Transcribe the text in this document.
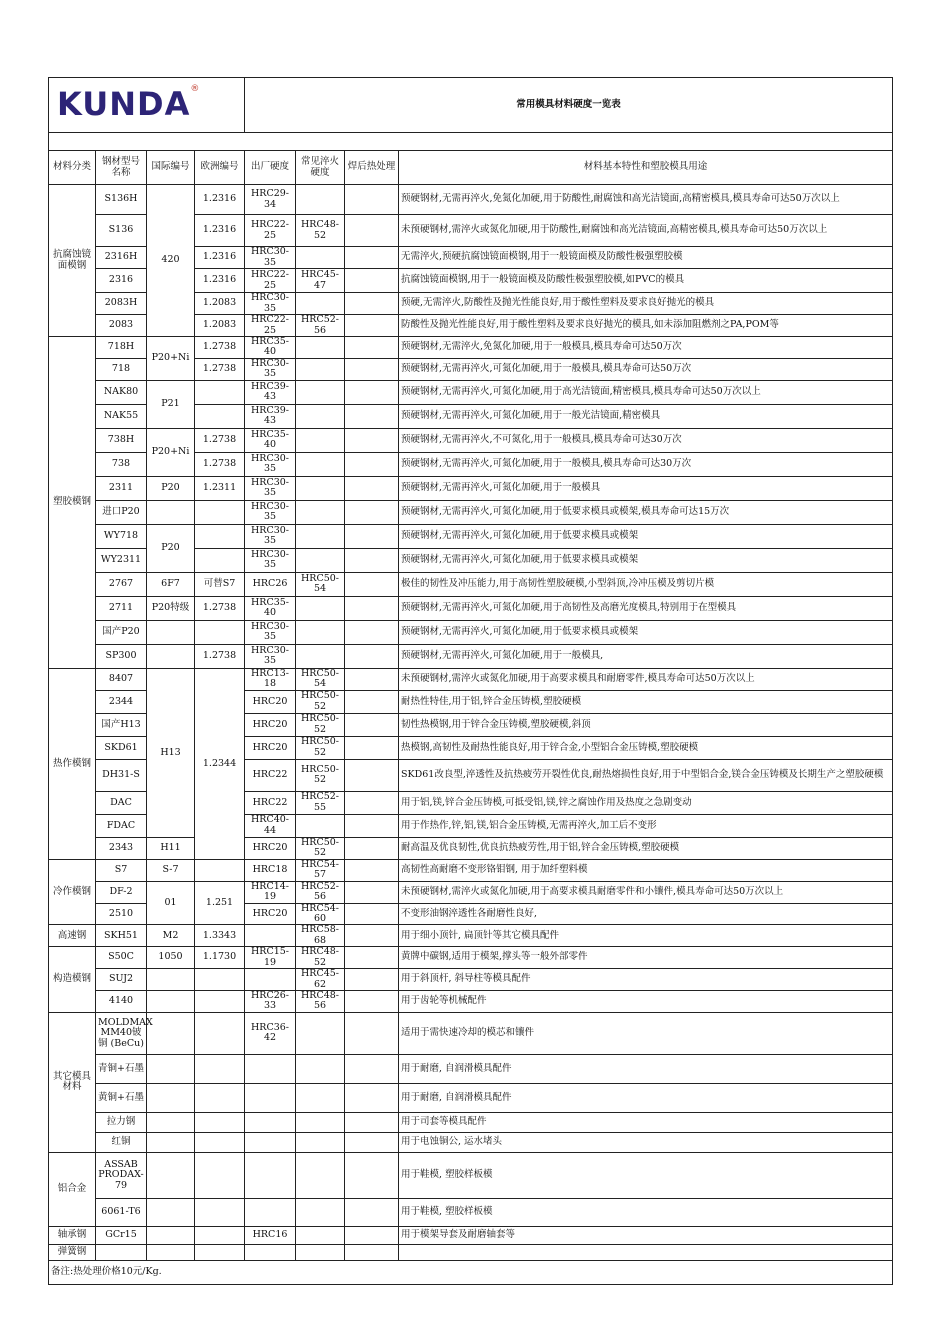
KUNDA ®				常用模具材料硬度一览表			

材料分类	钢材型号名称	国际编号	欧洲编号	出厂硬度	常见淬火硬度	焊后热处理	材料基本特性和塑胶模具用途
抗腐蚀镜面模钢	S136H	420	1.2316	HRC29-34			预硬钢材,无需再淬火,免氮化加硬,用于防酸性,耐腐蚀和高光洁镜面,高精密模具,模具寿命可达50万次以上
	S136		1.2316	HRC22-25	HRC48-52		未预硬钢材,需淬火或氮化加硬,用于防酸性,耐腐蚀和高光洁镜面,高精密模具,模具寿命可达50万次以上
	2316H		1.2316	HRC30-35			无需淬火,预硬抗腐蚀镜面模钢,用于一般镜面模及防酸性极强塑胶模
	2316		1.2316	HRC22-25	HRC45-47		抗腐蚀镜面模钢,用于一般镜面模及防酸性极强塑胶模,如PVC的模具
	2083H		1.2083	HRC30-35			预硬,无需淬火,防酸性及抛光性能良好,用于酸性塑料及要求良好抛光的模具
	2083		1.2083	HRC22-25	HRC52-56		防酸性及抛光性能良好,用于酸性塑料及要求良好抛光的模具,如未添加阻燃剂之PA,POM等
塑胶模钢	718H	P20+Ni	1.2738	HRC35-40			预硬钢材,无需淬火,免氮化加硬,用于一般模具,模具寿命可达50万次
	718		1.2738	HRC30-35			预硬钢材,无需再淬火,可氮化加硬,用于一般模具,模具寿命可达50万次
	NAK80	P21		HRC39-43			预硬钢材,无需再淬火,可氮化加硬,用于高光洁镜面,精密模具,模具寿命可达50万次以上
	NAK55			HRC39-43			预硬钢材,无需再淬火,可氮化加硬,用于一般光洁镜面,精密模具
	738H	P20+Ni	1.2738	HRC35-40			预硬钢材,无需再淬火,不可氮化,用于一般模具,模具寿命可达30万次
	738		1.2738	HRC30-35			预硬钢材,无需再淬火,可氮化加硬,用于一般模具,模具寿命可达30万次
	2311	P20	1.2311	HRC30-35			预硬钢材,无需再淬火,可氮化加硬,用于一般模具
	进口P20			HRC30-35			预硬钢材,无需再淬火,可氮化加硬,用于低要求模具或模架,模具寿命可达15万次
	WY718	P20		HRC30-35			预硬钢材,无需再淬火,可氮化加硬,用于低要求模具或模架
	WY2311			HRC30-35			预硬钢材,无需再淬火,可氮化加硬,用于低要求模具或模架
	2767	6F7	可替S7	HRC26	HRC50-54		极佳的韧性及冲压能力,用于高韧性塑胶硬模,小型斜顶,冷冲压模及剪切片模
	2711	P20特级	1.2738	HRC35-40			预硬钢材,无需再淬火,可氮化加硬,用于高韧性及高磨光度模具,特别用于在型模具
	国产P20			HRC30-35			预硬钢材,无需再淬火,可氮化加硬,用于低要求模具或模架
	SP300		1.2738	HRC30-35			预硬钢材,无需再淬火,可氮化加硬,用于一般模具,
热作模钢	8407	H13	1.2344	HRC13-18	HRC50-54		未预硬钢材,需淬火或氮化加硬,用于高要求模具和耐磨零件,模具寿命可达50万次以上
	2344			HRC20	HRC50-52		耐热性特佳,用于铝,锌合金压铸模,塑胶硬模
	国产H13			HRC20	HRC50-52		韧性热模钢,用于锌合金压铸模,塑胶硬模,斜顶
	SKD61			HRC20	HRC50-52		热模钢,高韧性及耐热性能良好,用于锌合金,小型铝合金压铸模,塑胶硬模
	DH31-S			HRC22	HRC50-52		SKD61改良型,淬透性及抗热疲劳开裂性优良,耐热熔损性良好,用于中型铝合金,镁合金压铸模及长期生产之塑胶硬模
	DAC			HRC22	HRC52-55		用于铝,镁,锌合金压铸模,可抵受铝,镁,锌之腐蚀作用及热度之急剧变动
	FDAC			HRC40-44			用于作热作,锌,铝,镁,铝合金压铸模,无需再淬火,加工后不变形
	2343	H11		HRC20	HRC50-52		耐高温及优良韧性,优良抗热疲劳性,用于铝,锌合金压铸模,塑胶硬模
冷作模钢	S7	S-7		HRC18	HRC54-57		高韧性高耐磨不变形铬钼钢, 用于加纤塑料模
	DF-2	01	1.251	HRC14-19	HRC52-56		未预硬钢材,需淬火或氮化加硬,用于高要求模具耐磨零件和小镶件,模具寿命可达50万次以上
	2510			HRC20	HRC54-60		不变形油钢淬透性各耐磨性良好,
高速钢	SKH51	M2	1.3343		HRC58-68		用于细小顶针, 扁顶针等其它模具配件
构造模钢	S50C	1050	1.1730	HRC15-19	HRC48-52		黄牌中碳钢,适用于模架,撑头等一般外部零件
	SUJ2				HRC45-62		用于斜顶杆, 斜导柱等模具配件
	4140			HRC26-33	HRC48-56		用于齿轮等机械配件
其它模具材料	MOLDMAX MM40铍铜 (BeCu)			HRC36-42			适用于需快速冷却的模芯和镶件
	青铜+石墨						用于耐磨, 自润滑模具配件
	黄铜+石墨						用于耐磨, 自润滑模具配件
	拉力钢						用于司套等模具配件
	红铜						用于电蚀铜公, 运水堵头
铝合金	ASSAB PRODAX-79						用于鞋模, 塑胶样板模
	6061-T6						用于鞋模, 塑胶样板模
轴承钢	GCr15			HRC16			用于模架导套及耐磨轴套等
弹簧钢							
备注:热处理价格10元/Kg.							
